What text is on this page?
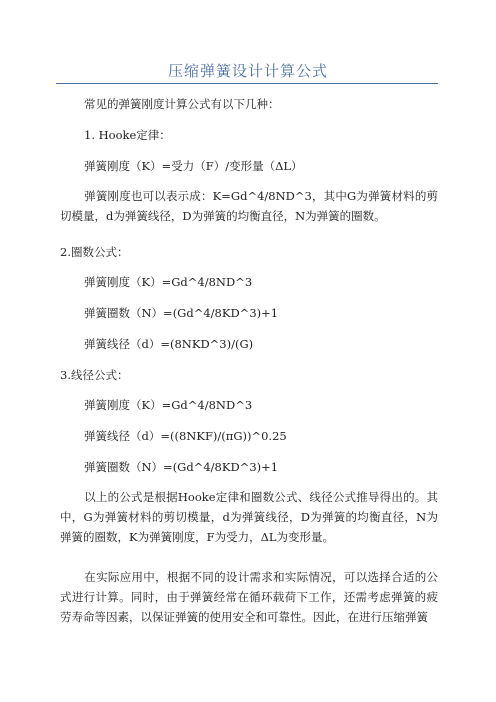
压缩弹簧设计计算公式
常见的弹簧刚度计算公式有以下几种：
1. Hooke定律：
弹簧刚度（K）=受力（F）/变形量（ΔL）
弹簧刚度也可以表示成：K=Gd^4/8ND^3，其中G为弹簧材料的剪切模量，d为弹簧线径，D为弹簧的均衡直径，N为弹簧的圈数。
2.圈数公式：
弹簧刚度（K）=Gd^4/8ND^3
弹簧圈数（N）=(Gd^4/8KD^3)+1
弹簧线径（d）=(8NKD^3)/(G)
3.线径公式：
弹簧刚度（K）=Gd^4/8ND^3
弹簧线径（d）=((8NKF)/(πG))^0.25
弹簧圈数（N）=(Gd^4/8KD^3)+1
以上的公式是根据Hooke定律和圈数公式、线径公式推导得出的。其中，G为弹簧材料的剪切模量，d为弹簧线径，D为弹簧的均衡直径，N为弹簧的圈数，K为弹簧刚度，F为受力，ΔL为变形量。
在实际应用中，根据不同的设计需求和实际情况，可以选择合适的公式进行计算。同时，由于弹簧经常在循环载荷下工作，还需考虑弹簧的疲劳寿命等因素，以保证弹簧的使用安全和可靠性。因此，在进行压缩弹簧
